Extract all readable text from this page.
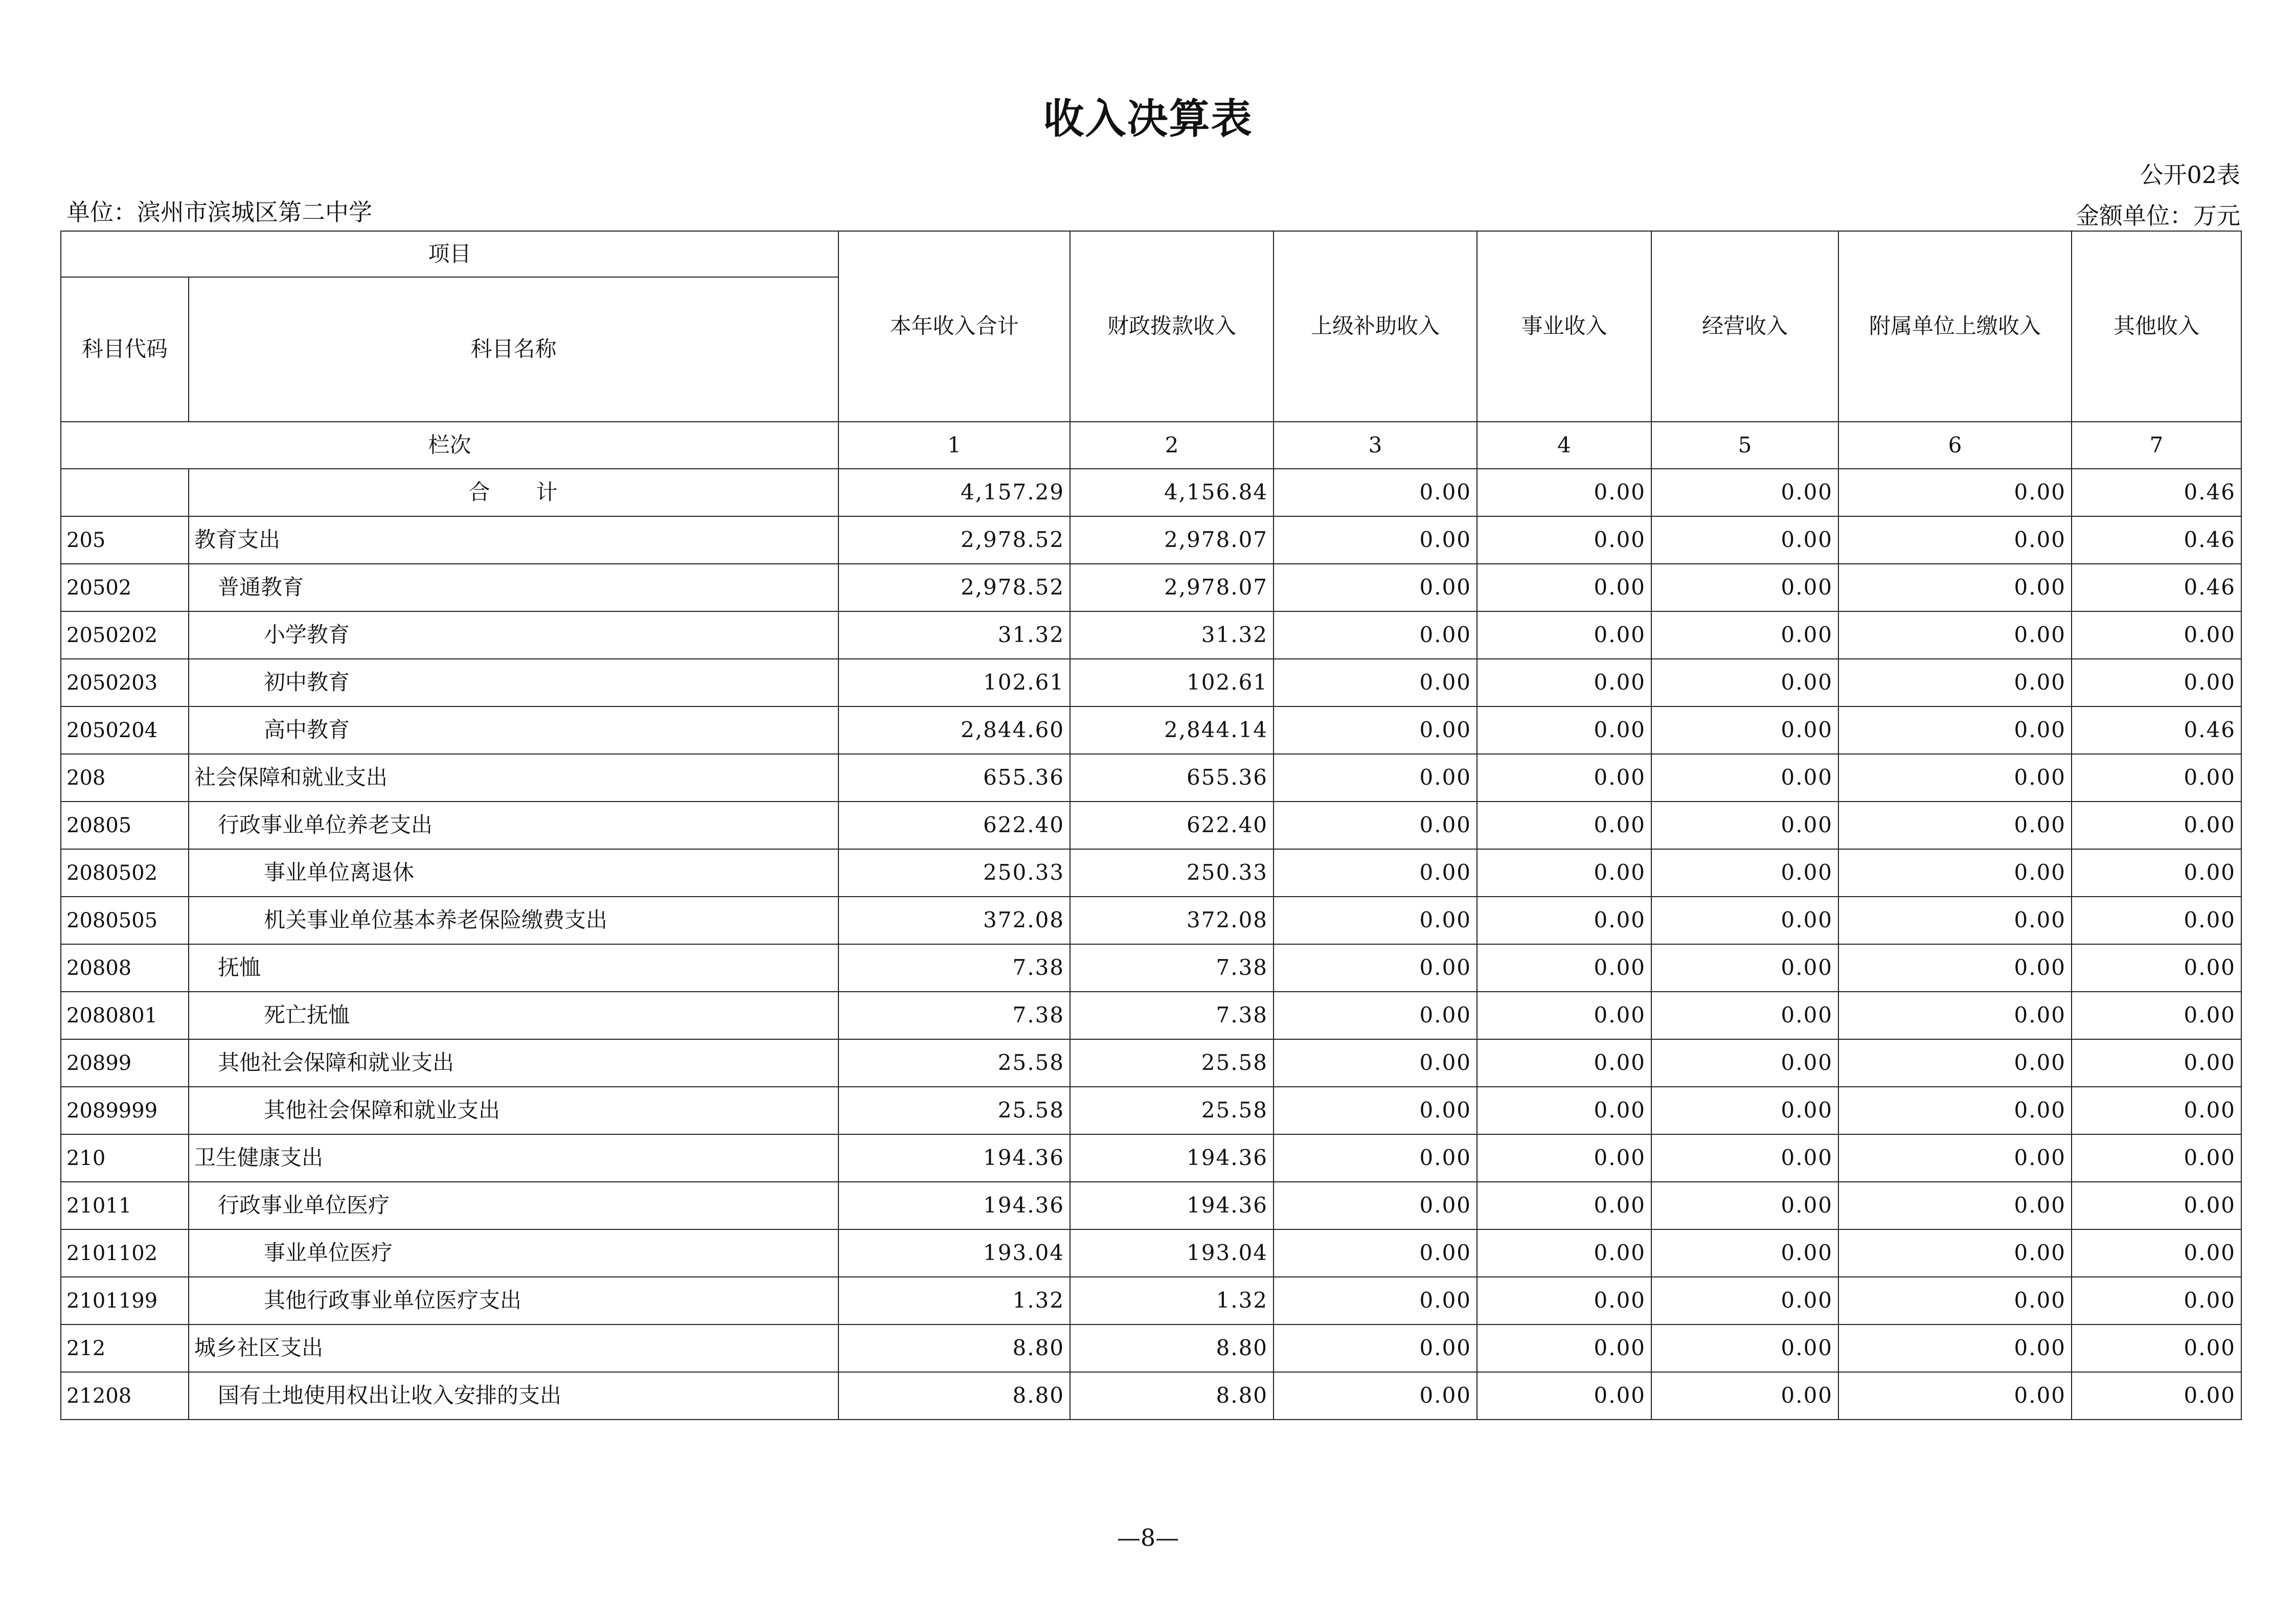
收入决算表
公开02表
单位：滨州市滨城区第二中学	金额单位：万元
项目		本年收入合计	财政拨款收入	上级补助收入	事业收入	经营收入	附属单位上缴收入	其他收入
科目代码	科目名称							
栏次		1	2	3	4	5	6	7
	合　　计	4,157.29	4,156.84	0.00	0.00	0.00	0.00	0.46
205	教育支出	2,978.52	2,978.07	0.00	0.00	0.00	0.00	0.46
20502	普通教育	2,978.52	2,978.07	0.00	0.00	0.00	0.00	0.46
2050202	小学教育	31.32	31.32	0.00	0.00	0.00	0.00	0.00
2050203	初中教育	102.61	102.61	0.00	0.00	0.00	0.00	0.00
2050204	高中教育	2,844.60	2,844.14	0.00	0.00	0.00	0.00	0.46
208	社会保障和就业支出	655.36	655.36	0.00	0.00	0.00	0.00	0.00
20805	行政事业单位养老支出	622.40	622.40	0.00	0.00	0.00	0.00	0.00
2080502	事业单位离退休	250.33	250.33	0.00	0.00	0.00	0.00	0.00
2080505	机关事业单位基本养老保险缴费支出	372.08	372.08	0.00	0.00	0.00	0.00	0.00
20808	抚恤	7.38	7.38	0.00	0.00	0.00	0.00	0.00
2080801	死亡抚恤	7.38	7.38	0.00	0.00	0.00	0.00	0.00
20899	其他社会保障和就业支出	25.58	25.58	0.00	0.00	0.00	0.00	0.00
2089999	其他社会保障和就业支出	25.58	25.58	0.00	0.00	0.00	0.00	0.00
210	卫生健康支出	194.36	194.36	0.00	0.00	0.00	0.00	0.00
21011	行政事业单位医疗	194.36	194.36	0.00	0.00	0.00	0.00	0.00
2101102	事业单位医疗	193.04	193.04	0.00	0.00	0.00	0.00	0.00
2101199	其他行政事业单位医疗支出	1.32	1.32	0.00	0.00	0.00	0.00	0.00
212	城乡社区支出	8.80	8.80	0.00	0.00	0.00	0.00	0.00
21208	国有土地使用权出让收入安排的支出	8.80	8.80	0.00	0.00	0.00	0.00	0.00
—8—
